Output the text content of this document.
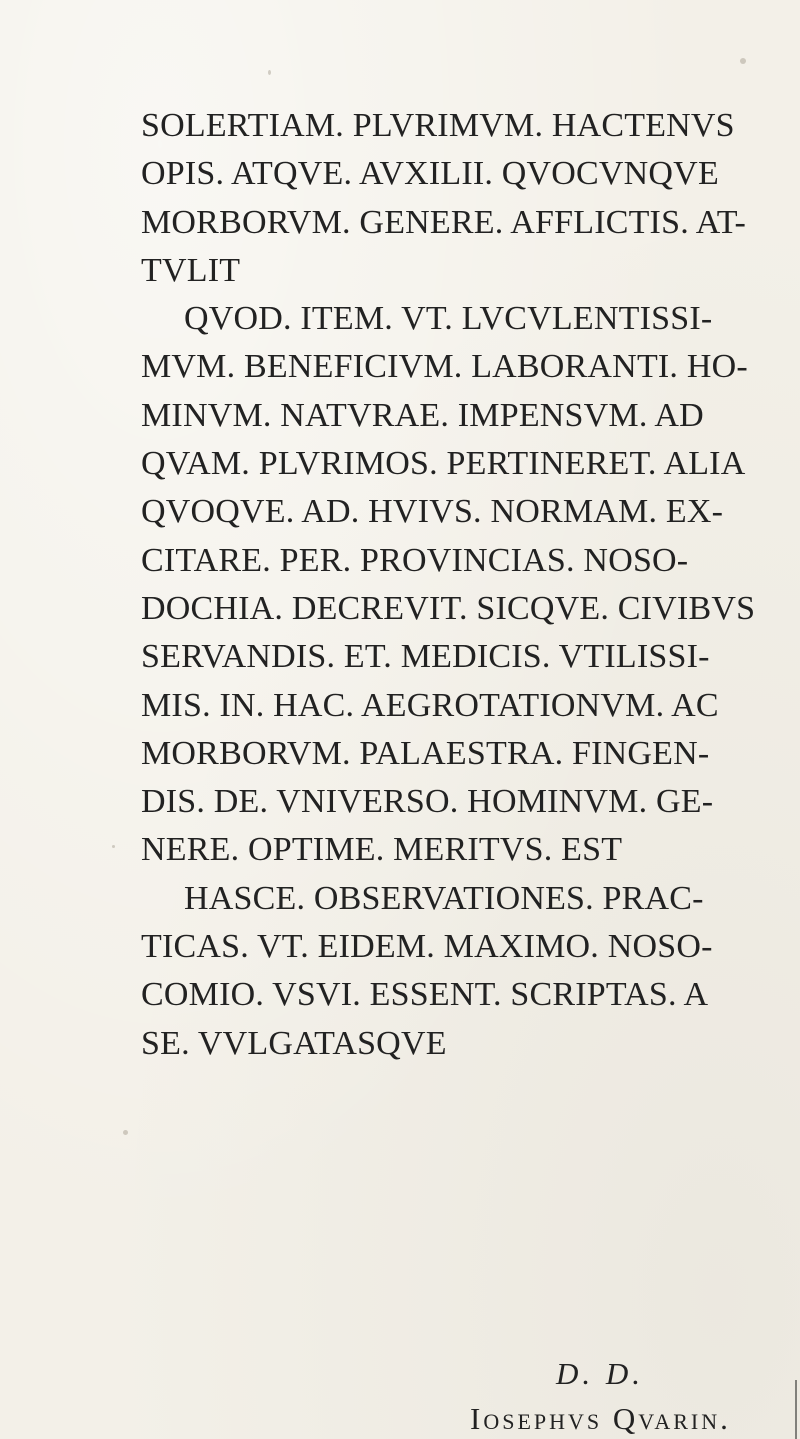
SOLERTIAM. PLVRIMVM. HACTENVS
OPIS. ATQVE. AVXILII. QVOCVNQVE
MORBORVM. GENERE. AFFLICTIS. AT-
TVLIT
QVOD. ITEM. VT. LVCVLENTISSI-
MVM. BENEFICIVM. LABORANTI. HO-
MINVM. NATVRAE. IMPENSVM. AD
QVAM. PLVRIMOS. PERTINERET. ALIA
QVOQVE. AD. HVIVS. NORMAM. EX-
CITARE. PER. PROVINCIAS. NOSO-
DOCHIA. DECREVIT. SICQVE. CIVIBVS
SERVANDIS. ET. MEDICIS. VTILISSI-
MIS. IN. HAC. AEGROTATIONVM. AC
MORBORVM. PALAESTRA. FINGEN-
DIS. DE. VNIVERSO. HOMINVM. GE-
NERE. OPTIME. MERITVS. EST
HASCE. OBSERVATIONES. PRAC-
TICAS. VT. EIDEM. MAXIMO. NOSO-
COMIO. VSVI. ESSENT. SCRIPTAS. A
SE. VVLGATASQVE
D. D.
Iosephvs Qvarin.
